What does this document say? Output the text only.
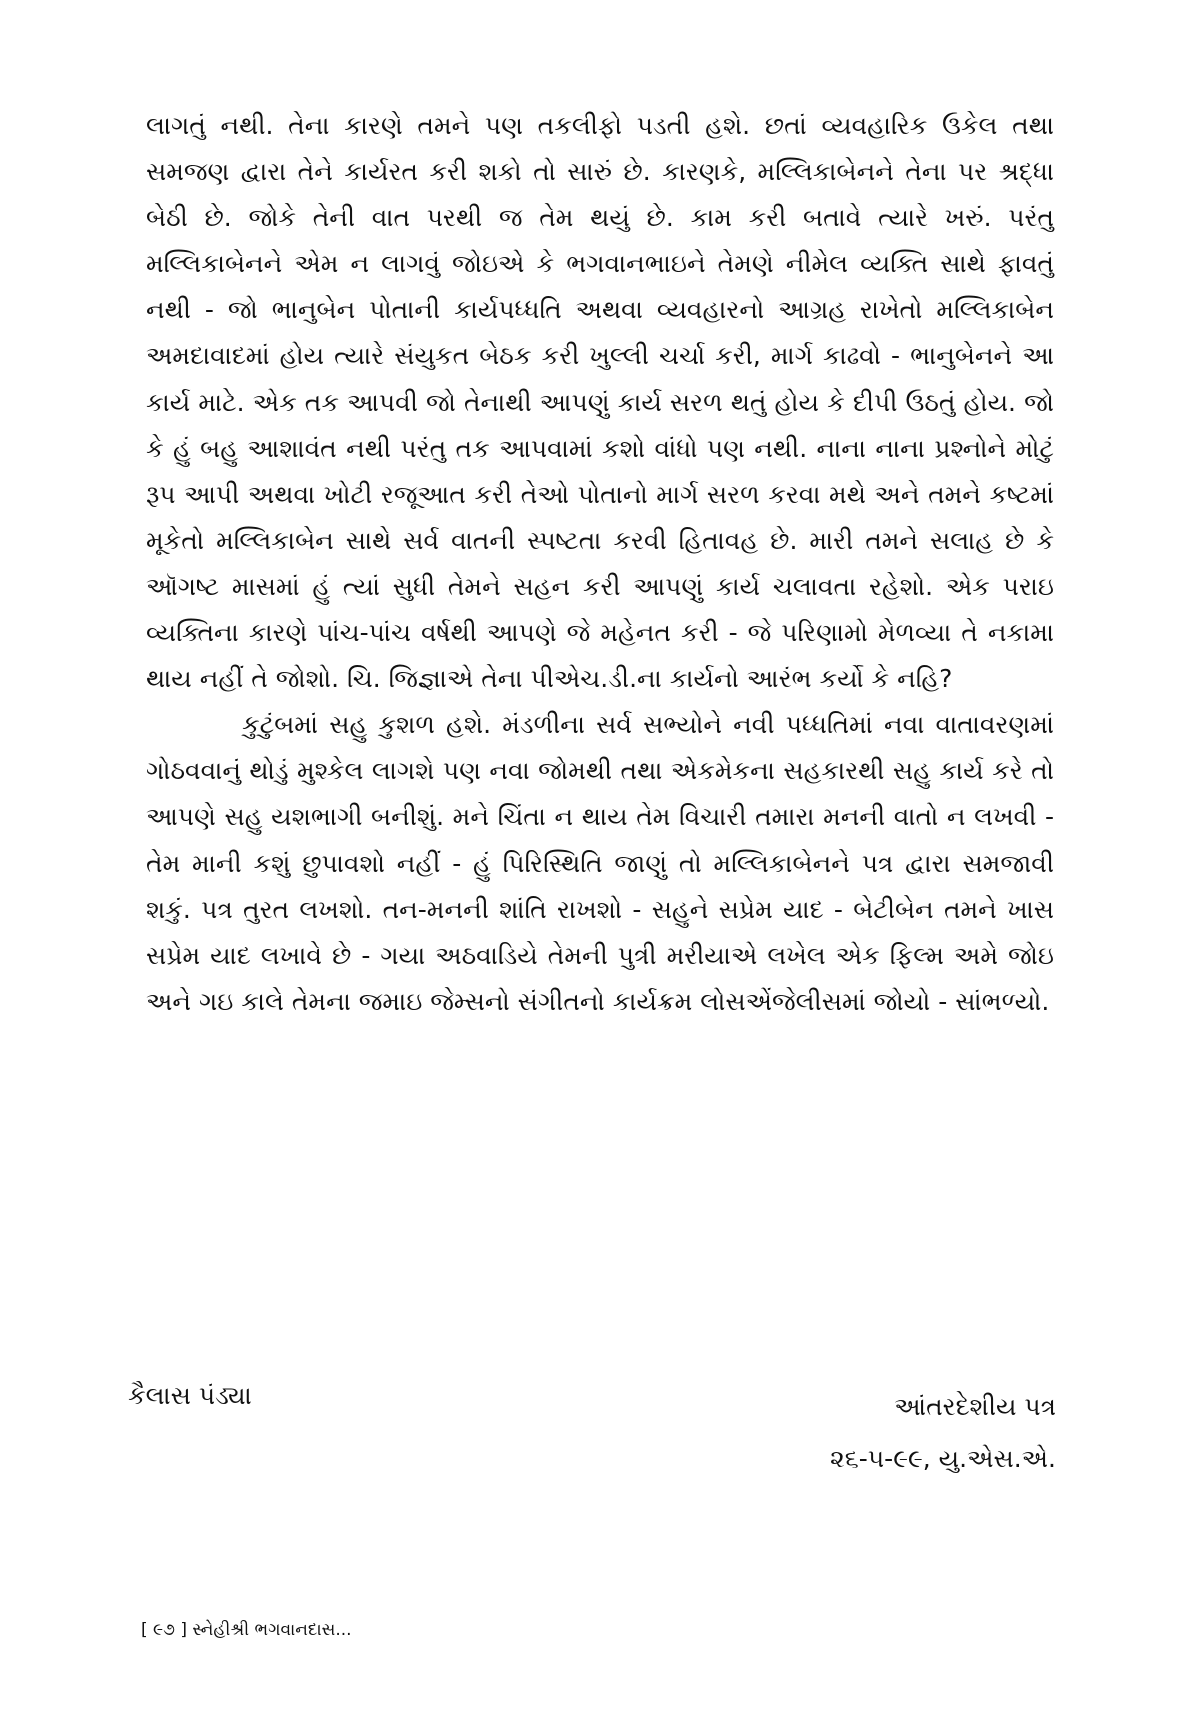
લાગતું નથી. તેના કારણે તમને પણ તકલીફો પડતી હશે. છતાં વ્યવહારિક ઉકેલ તથા સમજણ દ્વારા તેને કાર્યરત કરી શકો તો સારું છે. કારણકે, મલ્લિકાબેનને તેના પર શ્રદ્ધા બેઠી છે. જોકે તેની વાત પરથી જ તેમ થયું છે. કામ કરી બતાવે ત્યારે ખરું. પરંતુ મલ્લિકાબેનને એમ ન લાગવું જોઇએ કે ભગવાનભાઇને તેમણે નીમેલ વ્યક્તિ સાથે ફાવતું નથી - જો ભાનુબેન પોતાની કાર્યપધ્ધતિ અથવા વ્યવહારનો આગ્રહ રાખેતો મલ્લિકાબેન અમદાવાદમાં હોય ત્યારે સંયુકત બેઠક કરી ખુલ્લી ચર્ચા કરી, માર્ગ કાઢવો - ભાનુબેનને આ કાર્ય માટે. એક તક આપવી જો તેનાથી આપણું કાર્ય સરળ થતું હોય કે દીપી ઉઠતું હોય. જો કે હું બહુ આશાવંત નથી પરંતુ તક આપવામાં કશો વાંધો પણ નથી. નાના નાના પ્રશ્નોને મોટું રૂપ આપી અથવા ખોટી રજૂઆત કરી તેઓ પોતાનો માર્ગ સરળ કરવા મથે અને તમને કષ્ટમાં મૂકેતો મલ્લિકાબેન સાથે સર્વ વાતની સ્પષ્ટતા કરવી હિતાવહ છે. મારી તમને સલાહ છે કે ઑગષ્ટ માસમાં હું ત્યાં સુધી તેમને સહન કરી આપણું કાર્ય ચલાવતા રહેશો. એક પરાઇ વ્યક્તિના કારણે પાંચ-પાંચ વર્ષથી આપણે જે મહેનત કરી - જે પરિણામો મેળવ્યા તે નકામા થાય નહીં તે જોશો. ચિ. જિજ્ઞાએ તેના પીએચ.ડી.ના કાર્યનો આરંભ કર્યો કે નહિ?

કુટુંબમાં સહુ કુશળ હશે. મંડળીના સર્વ સભ્યોને નવી પધ્ધતિમાં નવા વાતાવરણમાં ગોઠવવાનું થોડું મુશ્કેલ લાગશે પણ નવા જોમથી તથા એકમેકના સહકારથી સહુ કાર્ય કરે તો આપણે સહુ યશભાગી બનીશું. મને ચિંતા ન થાય તેમ વિચારી તમારા મનની વાતો ન લખવી - તેમ માની કશું છુપાવશો નહીં - હું પિરિસ્થિતિ જાણું તો મલ્લિકાબેનને પત્ર દ્વારા સમજાવી શકું. પત્ર તુરત લખશો. તન-મનની શાંતિ રાખશો - સહુને સપ્રેમ યાદ - બેટીબેન તમને ખાસ સપ્રેમ યાદ લખાવે છે - ગયા અઠવાડિયે તેમની પુત્રી મરીયાએ લખેલ એક ફિલ્મ અમે જોઇ અને ગઇ કાલે તેમના જમાઇ જેમ્સનો સંગીતનો કાર્યક્રમ લોસએંજેલીસમાં જોયો - સાંભળ્યો.

કૈલાસ પંડ્યા	આંતરદેશીય પત્ર
૨૬-૫-૯૯, યુ.એસ.એ.
[ ૯૭ ] સ્નેહીશ્રી ભગવાનદાસ...
